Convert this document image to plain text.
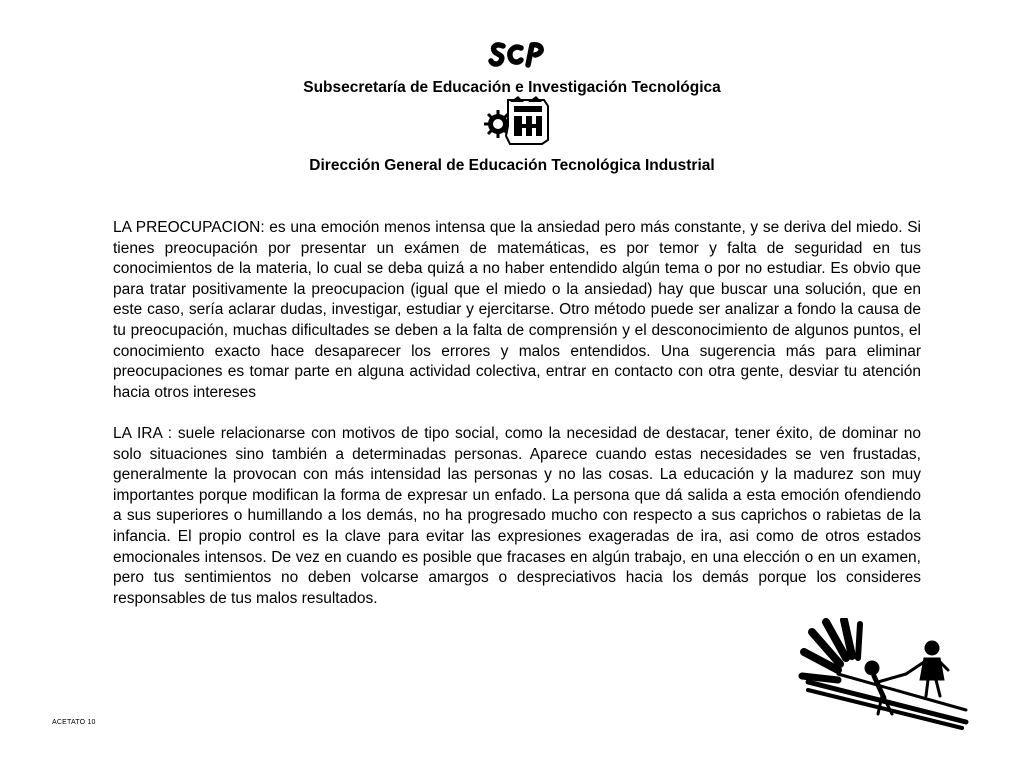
Subsecretaría de Educación e Investigación Tecnológica
Dirección General de Educación Tecnológica Industrial

LA PREOCUPACION: es una emoción menos intensa que la ansiedad pero más constante, y se deriva del miedo. Si tienes preocupación por presentar un exámen de matemáticas, es por temor y falta de seguridad en tus conocimientos de la materia, lo cual se deba quizá a no haber entendido algún tema o por no estudiar. Es obvio que para tratar positivamente la preocupacion (igual que el miedo o la ansiedad) hay que buscar una solución, que en este caso, sería aclarar dudas, investigar, estudiar y ejercitarse. Otro método puede ser analizar a fondo la causa de tu preocupación, muchas dificultades se deben a la falta de comprensión y el desconocimiento de algunos puntos, el conocimiento exacto hace desaparecer los errores y malos entendidos. Una sugerencia más para eliminar preocupaciones es tomar parte en alguna actividad colectiva, entrar en contacto con otra gente, desviar tu atención hacia otros intereses

LA IRA : suele relacionarse con motivos de tipo social, como la necesidad de destacar, tener éxito, de dominar no solo situaciones sino también a determinadas personas. Aparece cuando estas necesidades se ven frustadas, generalmente la provocan con más intensidad las personas y no las cosas. La educación y la madurez son muy importantes porque modifican la forma de expresar un enfado. La persona que dá salida a esta emoción ofendiendo a sus superiores o humillando a los demás, no ha progresado mucho con respecto a sus caprichos o rabietas de la infancia. El propio control es la clave para evitar las expresiones exageradas de ira, asi como de otros estados emocionales intensos. De vez en cuando es posible que fracases en algún trabajo, en una elección o en un examen, pero tus sentimientos no deben volcarse amargos o despreciativos hacia los demás porque los consideres responsables de tus malos resultados.

ACETATO 10
